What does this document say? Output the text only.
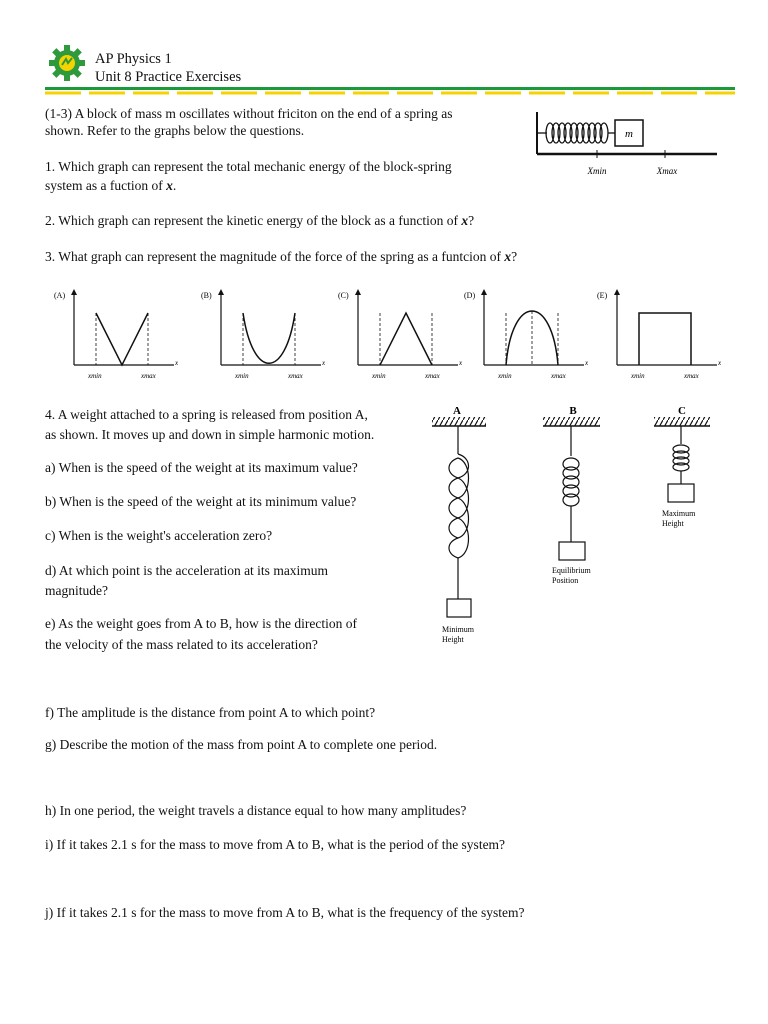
AP Physics 1
Unit 8 Practice Exercises
(1-3) A block of mass m oscillates without friciton on the end of a spring as
shown. Refer to the graphs below the questions.
1. Which graph can represent the total mechanic energy of the block-spring
system as a fuction of x.
2. Which graph can represent the kinetic energy of the block as a function of x?
3. What graph can represent the magnitude of the force of the spring as a funtcion of x?
m
Xmin	Xmax
(A)
x
xmin	xmax
(B)
x
xmin	xmax
(C)
x
xmin	xmax
(D)
x
xmin	xmax
(E)
x
xmin	xmax
4. A weight attached to a spring is released from position A,
as shown. It moves up and down in simple harmonic motion.
a) When is the speed of the weight at its maximum value?
b) When is the speed of the weight at its minimum value?
c) When is the weight's acceleration zero?
d) At which point is the acceleration at its maximum
magnitude?
e) As the weight goes from A to B, how is the direction of
the velocity of the mass related to its acceleration?
f) The amplitude is the distance from point A to which point?
g) Describe the motion of the mass from point A to complete one period.
h) In one period, the weight travels a distance equal to how many amplitudes?
i) If it takes 2.1 s for the mass to move from A to B, what is the period of the system?
j) If it takes 2.1 s for the mass to move from A to B, what is the frequency of the system?
A
Minimum
Height
B
Equilibrium
Position
C
Maximum
Height
